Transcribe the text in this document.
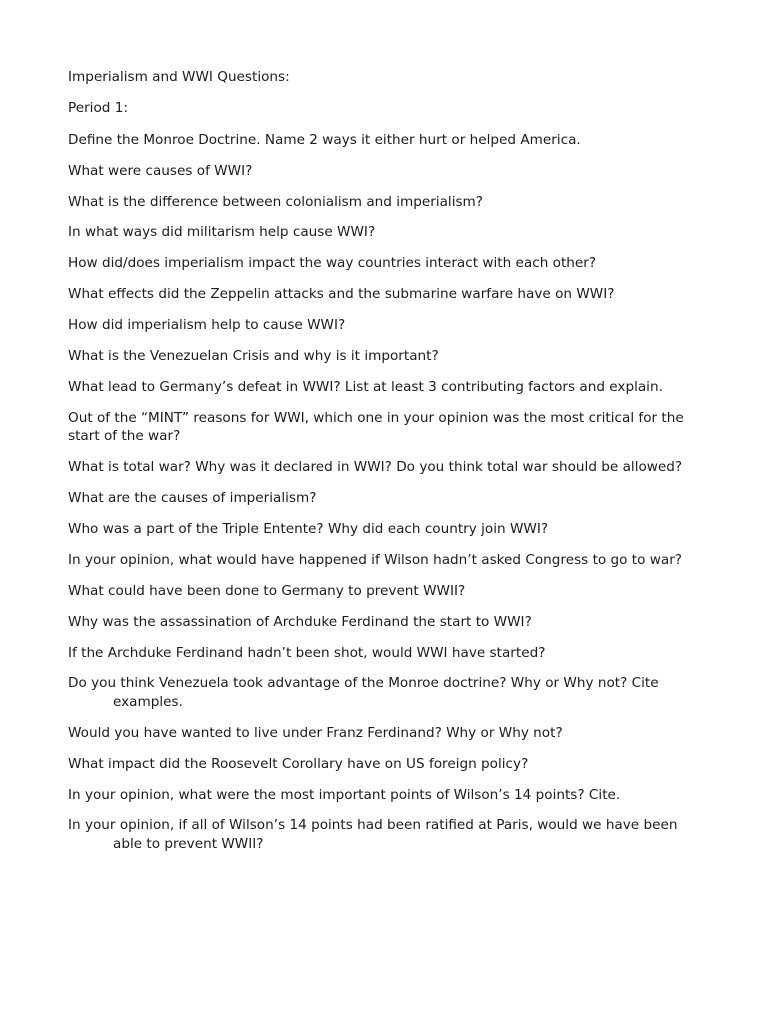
Imperialism and WWI Questions:
Period 1:
Define the Monroe Doctrine. Name 2 ways it either hurt or helped America.
What were causes of WWI?
What is the difference between colonialism and imperialism?
In what ways did militarism help cause WWI?
How did/does imperialism impact the way countries interact with each other?
What effects did the Zeppelin attacks and the submarine warfare have on WWI?
How did imperialism help to cause WWI?
What is the Venezuelan Crisis and why is it important?
What lead to Germany’s defeat in WWI? List at least 3 contributing factors and explain.
Out of the “MINT” reasons for WWI, which one in your opinion was the most critical for the start of the war?
What is total war? Why was it declared in WWI? Do you think total war should be allowed?
What are the causes of imperialism?
Who was a part of the Triple Entente? Why did each country join WWI?
In your opinion, what would have happened if Wilson hadn’t asked Congress to go to war?
What could have been done to Germany to prevent WWII?
Why was the assassination of Archduke Ferdinand the start to WWI?
If the Archduke Ferdinand hadn’t been shot, would WWI have started?
Do you think Venezuela took advantage of the Monroe doctrine? Why or Why not? Cite examples.
Would you have wanted to live under Franz Ferdinand? Why or Why not?
What impact did the Roosevelt Corollary have on US foreign policy?
In your opinion, what were the most important points of Wilson’s 14 points? Cite.
In your opinion, if all of Wilson’s 14 points had been ratified at Paris, would we have been able to prevent WWII?
